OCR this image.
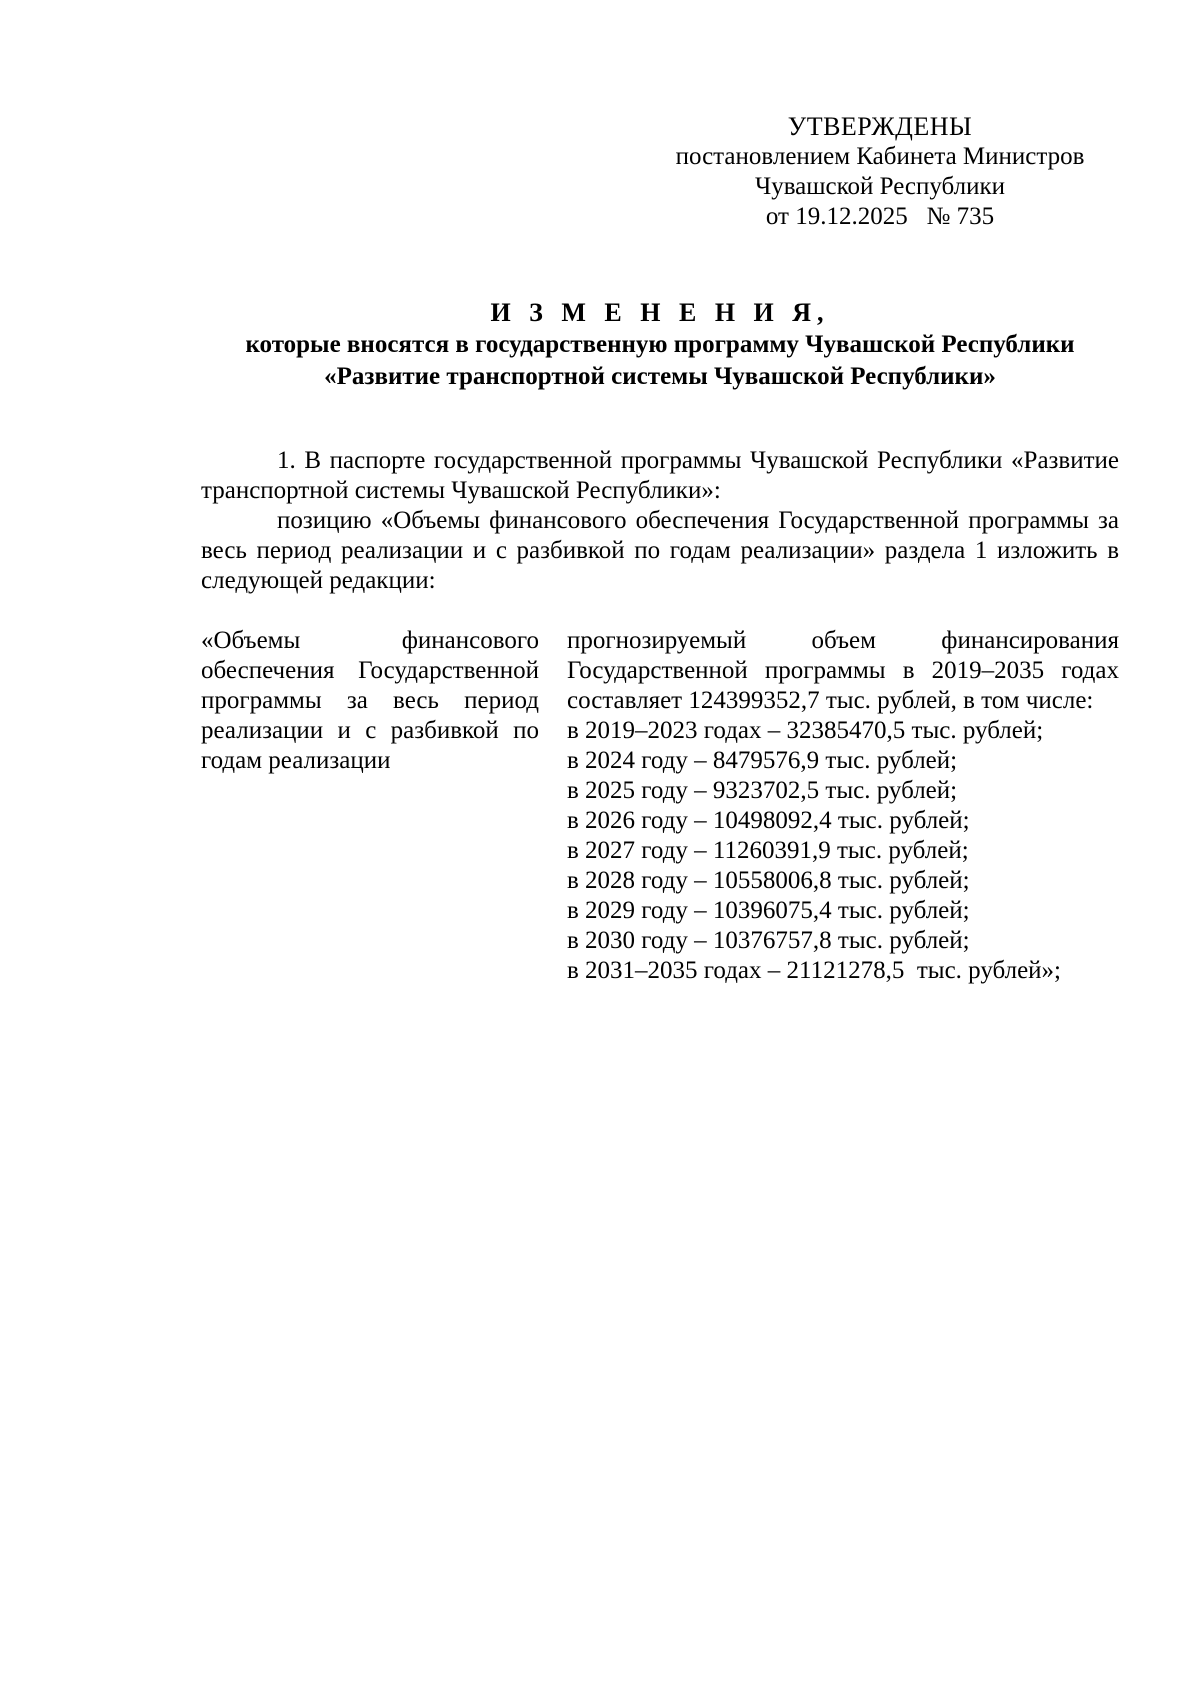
УТВЕРЖДЕНЫ
постановлением Кабинета Министров
Чувашской Республики
от 19.12.2025   № 735
И З М Е Н Е Н И Я,
которые вносятся в государственную программу Чувашской Республики
«Развитие транспортной системы Чувашской Республики»

1. В паспорте государственной программы Чувашской Республики «Развитие транспортной системы Чувашской Республики»:

позицию «Объемы финансового обеспечения Государственной программы за весь период реализации и с разбивкой по годам реализации» раздела 1 изложить в  следующей редакции:

«Объемы финансового обеспечения Государственной программы за весь период реализации и с разбивкой по годам реализации
прогнозируемый объем финансирования Государственной программы в 2019–2035 годах составляет 124399352,7 тыс. рублей, в том числе:
в 2019–2023 годах – 32385470,5 тыс. рублей;
в 2024 году – 8479576,9 тыс. рублей;
в 2025 году – 9323702,5 тыс. рублей;
в 2026 году – 10498092,4 тыс. рублей;
в 2027 году – 11260391,9 тыс. рублей;
в 2028 году – 10558006,8 тыс. рублей;
в 2029 году – 10396075,4 тыс. рублей;
в 2030 году – 10376757,8 тыс. рублей;
в 2031–2035 годах – 21121278,5  тыс. рублей»;
